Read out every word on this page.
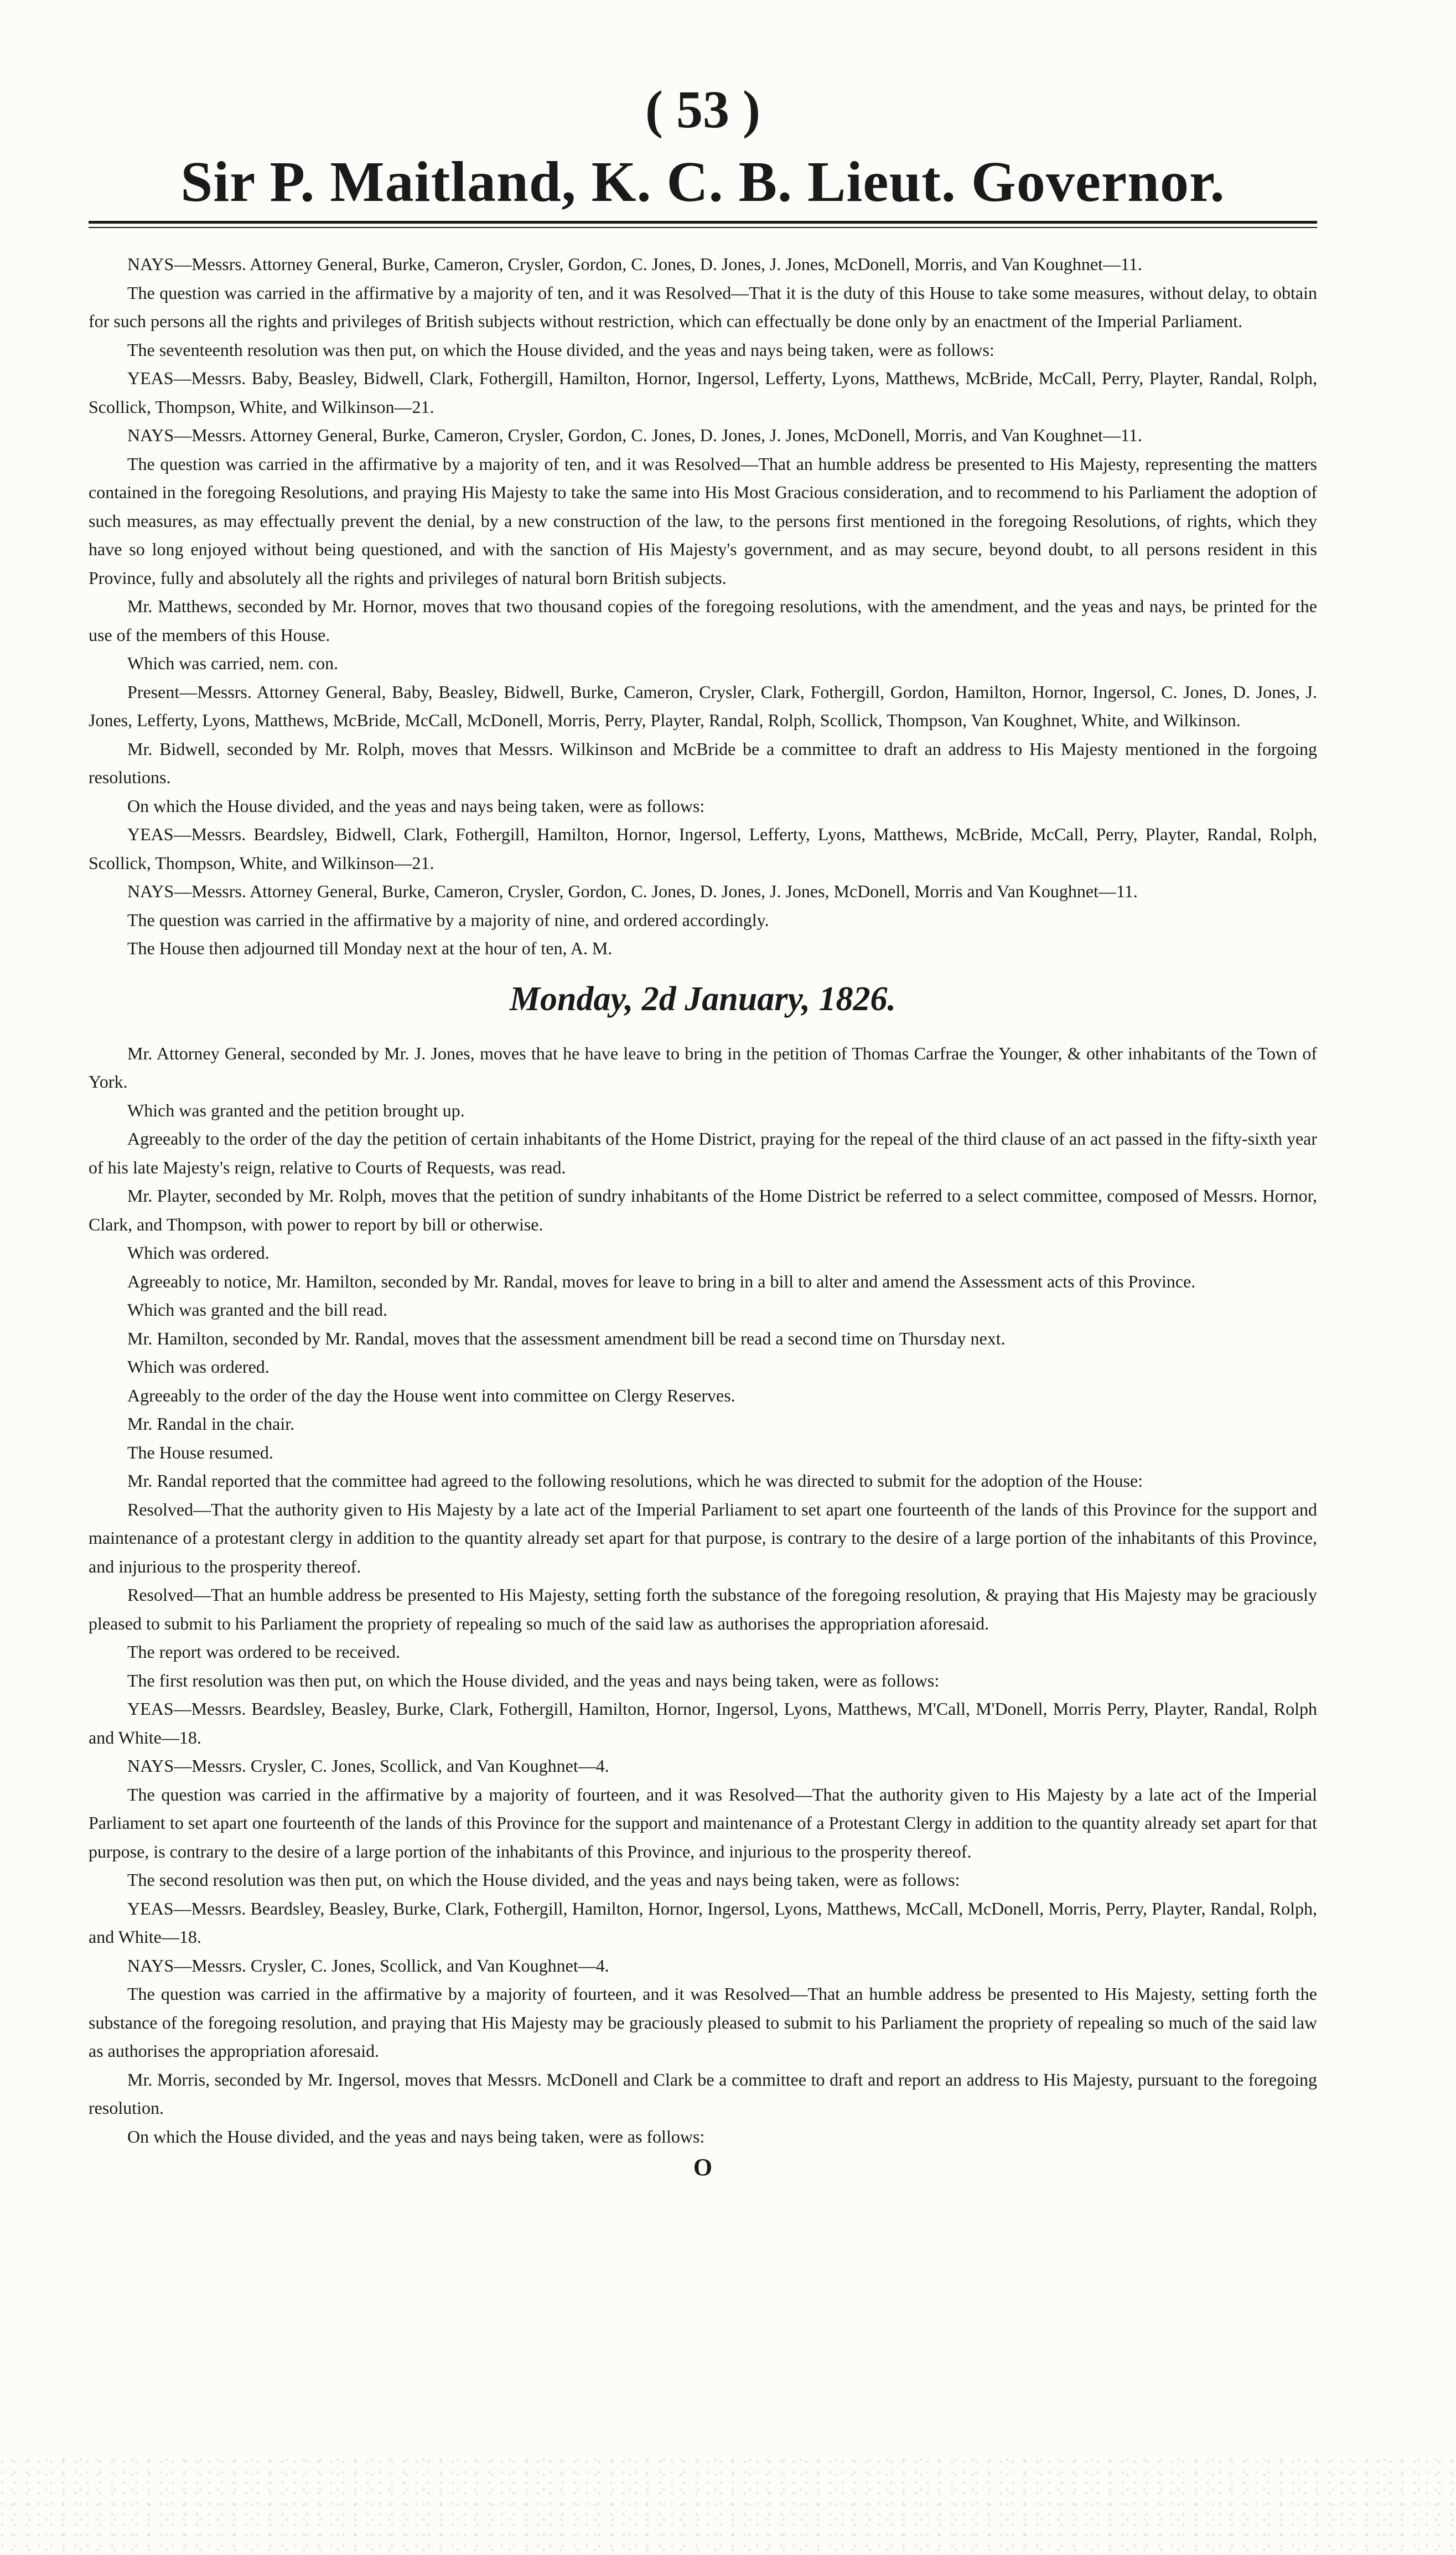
( 53 )
Sir P. Maitland, K. C. B. Lieut. Governor.

NAYS—Messrs. Attorney General, Burke, Cameron, Crysler, Gordon, C. Jones, D. Jones, J. Jones, McDonell, Morris, and Van Koughnet—11.

The question was carried in the affirmative by a majority of ten, and it was Resolved—That it is the duty of this House to take some measures, without delay, to obtain for such persons all the rights and privileges of British subjects without restriction, which can effectually be done only by an enactment of the Imperial Parliament.

The seventeenth resolution was then put, on which the House divided, and the yeas and nays being taken, were as follows:

YEAS—Messrs. Baby, Beasley, Bidwell, Clark, Fothergill, Hamilton, Hornor, Ingersol, Lefferty, Lyons, Matthews, McBride, McCall, Perry, Playter, Randal, Rolph, Scollick, Thompson, White, and Wilkinson—21.

NAYS—Messrs. Attorney General, Burke, Cameron, Crysler, Gordon, C. Jones, D. Jones, J. Jones, McDonell, Morris, and Van Koughnet—11.

The question was carried in the affirmative by a majority of ten, and it was Resolved—That an humble address be presented to His Majesty, representing the matters contained in the foregoing Resolutions, and praying His Majesty to take the same into His Most Gracious consideration, and to recommend to his Parliament the adoption of such measures, as may effectually prevent the denial, by a new construction of the law, to the persons first mentioned in the foregoing Resolutions, of rights, which they have so long enjoyed without being questioned, and with the sanction of His Majesty's government, and as may secure, beyond doubt, to all persons resident in this Province, fully and absolutely all the rights and privileges of natural born British subjects.

Mr. Matthews, seconded by Mr. Hornor, moves that two thousand copies of the foregoing resolutions, with the amendment, and the yeas and nays, be printed for the use of the members of this House.

Which was carried, nem. con.

Present—Messrs. Attorney General, Baby, Beasley, Bidwell, Burke, Cameron, Crysler, Clark, Fothergill, Gordon, Hamilton, Hornor, Ingersol, C. Jones, D. Jones, J. Jones, Lefferty, Lyons, Matthews, McBride, McCall, McDonell, Morris, Perry, Playter, Randal, Rolph, Scollick, Thompson, Van Koughnet, White, and Wilkinson.

Mr. Bidwell, seconded by Mr. Rolph, moves that Messrs. Wilkinson and McBride be a committee to draft an address to His Majesty mentioned in the forgoing resolutions.

On which the House divided, and the yeas and nays being taken, were as follows:

YEAS—Messrs. Beardsley, Bidwell, Clark, Fothergill, Hamilton, Hornor, Ingersol, Lefferty, Lyons, Matthews, McBride, McCall, Perry, Playter, Randal, Rolph, Scollick, Thompson, White, and Wilkinson—21.

NAYS—Messrs. Attorney General, Burke, Cameron, Crysler, Gordon, C. Jones, D. Jones, J. Jones, McDonell, Morris and Van Koughnet—11.

The question was carried in the affirmative by a majority of nine, and ordered accordingly.

The House then adjourned till Monday next at the hour of ten, A. M.

Monday, 2d January, 1826.

Mr. Attorney General, seconded by Mr. J. Jones, moves that he have leave to bring in the petition of Thomas Carfrae the Younger, & other inhabitants of the Town of York.

Which was granted and the petition brought up.

Agreeably to the order of the day the petition of certain inhabitants of the Home District, praying for the repeal of the third clause of an act passed in the fifty-sixth year of his late Majesty's reign, relative to Courts of Requests, was read.

Mr. Playter, seconded by Mr. Rolph, moves that the petition of sundry inhabitants of the Home District be referred to a select committee, composed of Messrs. Hornor, Clark, and Thompson, with power to report by bill or otherwise.

Which was ordered.

Agreeably to notice, Mr. Hamilton, seconded by Mr. Randal, moves for leave to bring in a bill to alter and amend the Assessment acts of this Province.

Which was granted and the bill read.

Mr. Hamilton, seconded by Mr. Randal, moves that the assessment amendment bill be read a second time on Thursday next.

Which was ordered.

Agreeably to the order of the day the House went into committee on Clergy Reserves.

Mr. Randal in the chair.

The House resumed.

Mr. Randal reported that the committee had agreed to the following resolutions, which he was directed to submit for the adoption of the House:

Resolved—That the authority given to His Majesty by a late act of the Imperial Parliament to set apart one fourteenth of the lands of this Province for the support and maintenance of a protestant clergy in addition to the quantity already set apart for that purpose, is contrary to the desire of a large portion of the inhabitants of this Province, and injurious to the prosperity thereof.

Resolved—That an humble address be presented to His Majesty, setting forth the substance of the foregoing resolution, & praying that His Majesty may be graciously pleased to submit to his Parliament the propriety of repealing so much of the said law as authorises the appropriation aforesaid.

The report was ordered to be received.

The first resolution was then put, on which the House divided, and the yeas and nays being taken, were as follows:

YEAS—Messrs. Beardsley, Beasley, Burke, Clark, Fothergill, Hamilton, Hornor, Ingersol, Lyons, Matthews, M'Call, M'Donell, Morris Perry, Playter, Randal, Rolph and White—18.

NAYS—Messrs. Crysler, C. Jones, Scollick, and Van Koughnet—4.

The question was carried in the affirmative by a majority of fourteen, and it was Resolved—That the authority given to His Majesty by a late act of the Imperial Parliament to set apart one fourteenth of the lands of this Province for the support and maintenance of a Protestant Clergy in addition to the quantity already set apart for that purpose, is contrary to the desire of a large portion of the inhabitants of this Province, and injurious to the prosperity thereof.

The second resolution was then put, on which the House divided, and the yeas and nays being taken, were as follows:

YEAS—Messrs. Beardsley, Beasley, Burke, Clark, Fothergill, Hamilton, Hornor, Ingersol, Lyons, Matthews, McCall, McDonell, Morris, Perry, Playter, Randal, Rolph, and White—18.

NAYS—Messrs. Crysler, C. Jones, Scollick, and Van Koughnet—4.

The question was carried in the affirmative by a majority of fourteen, and it was Resolved—That an humble address be presented to His Majesty, setting forth the substance of the foregoing resolution, and praying that His Majesty may be graciously pleased to submit to his Parliament the propriety of repealing so much of the said law as authorises the appropriation aforesaid.

Mr. Morris, seconded by Mr. Ingersol, moves that Messrs. McDonell and Clark be a committee to draft and report an address to His Majesty, pursuant to the foregoing resolution.

On which the House divided, and the yeas and nays being taken, were as follows:

O
